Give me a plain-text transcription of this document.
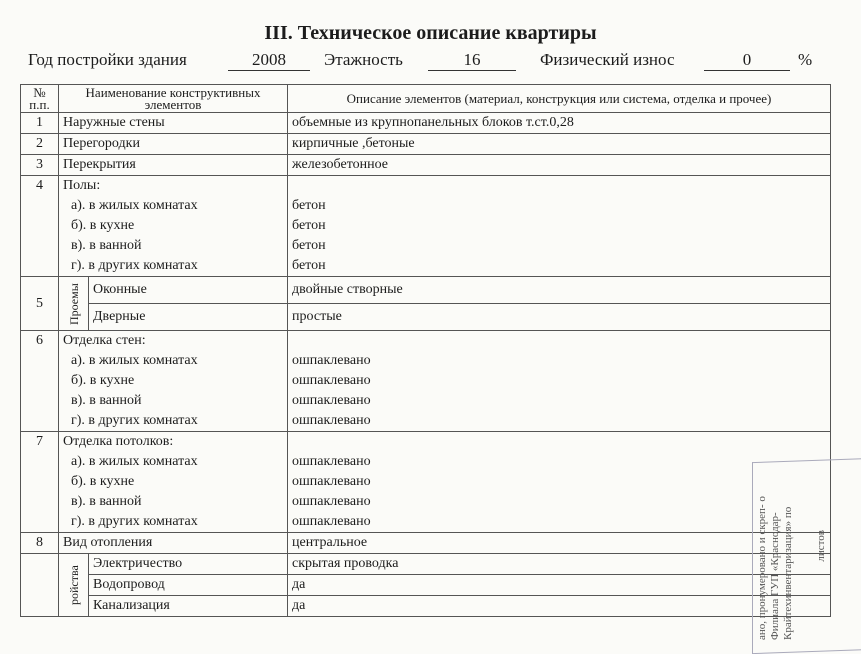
III. Техническое описание квартиры
Год постройки здания	2008	Этажность	16	Физический износ	0	%
№ п.п.	Наименование конструктивных элементов		Описание элементов (материал, конструкция или система, отделка и прочее)
1	Наружные стены		объемные из крупнопанельных блоков т.ст.0,28
2	Перегородки		кирпичные ,бетоные
3	Перекрытия		железобетонное
4	Полы:		
	а). в жилых комнатах		бетон
	б). в кухне		бетон
	в). в ванной		бетон
	г). в других комнатах		бетон
5	Проемы	Оконные	двойные створные
		Дверные	простые
6	Отделка стен:		
	а). в жилых комнатах		ошпаклевано
	б). в кухне		ошпаклевано
	в). в ванной		ошпаклевано
	г). в других комнатах		ошпаклевано
7	Отделка потолков:		
	а). в жилых комнатах		ошпаклевано
	б). в кухне		ошпаклевано
	в). в ванной		ошпаклевано
	г). в других комнатах		ошпаклевано
8	Вид отопления		центральное
	ройства	Электричество	скрытая проводка
		Водопровод	да
		Канализация	да	ано, пронумеровано и скреп- о Филиала ГУП «Краснодар- Крайтехинвентаризация» по листов
